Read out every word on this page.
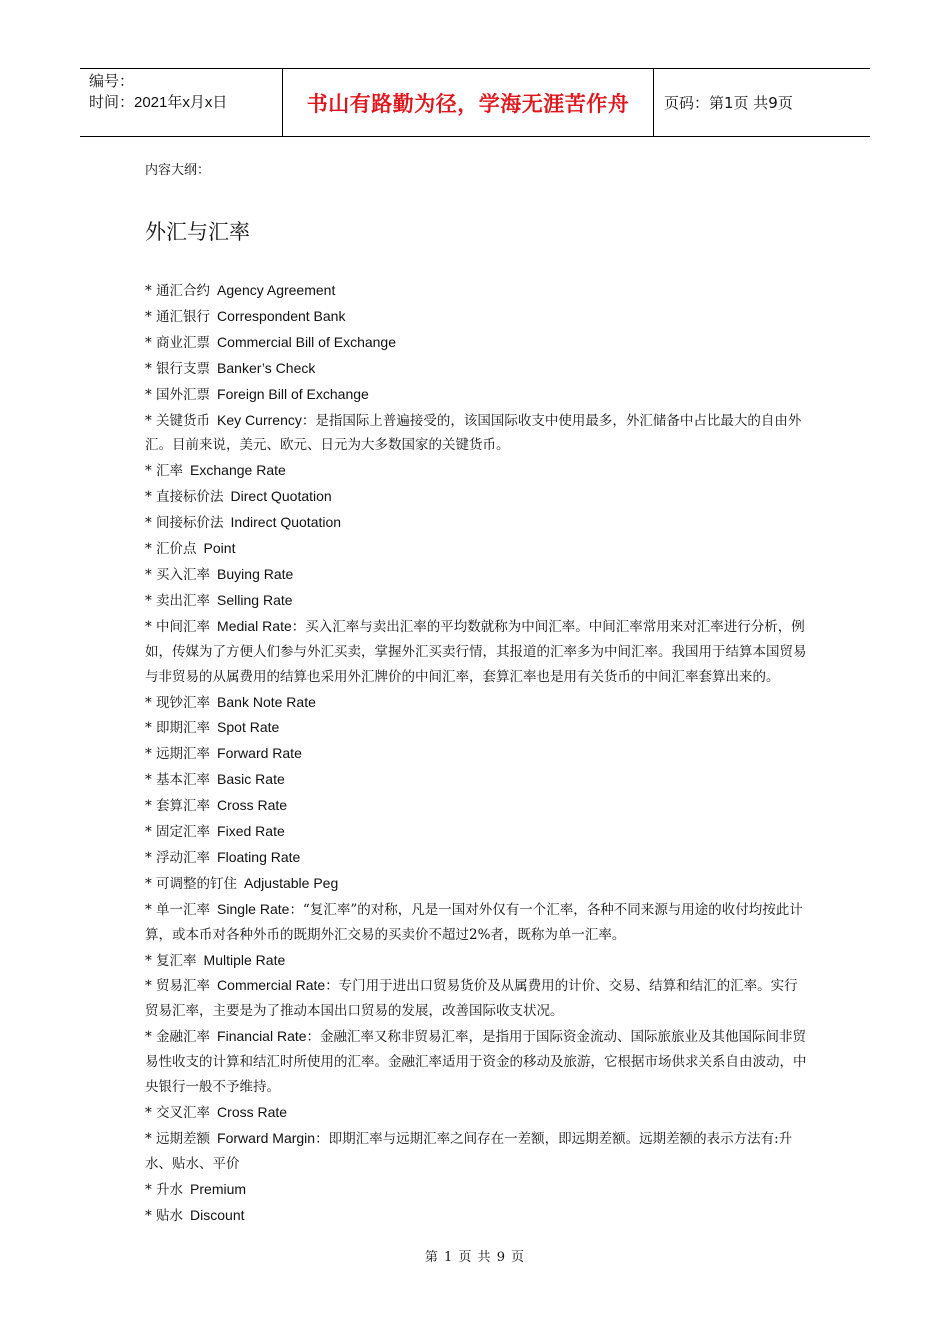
编号：
时间：2021年x月x日	书山有路勤为径，学海无涯苦作舟 页码：第1页 共9页
内容大纲：
外汇与汇率
* 通汇合约 Agency Agreement
* 通汇银行 Correspondent Bank
* 商业汇票 Commercial Bill of Exchange
* 银行支票 Banker’s Check
* 国外汇票 Foreign Bill of Exchange
* 关键货币 Key Currency：是指国际上普遍接受的，该国国际收支中使用最多，外汇储备中占比最大的自由外汇。目前来说，美元、欧元、日元为大多数国家的关键货币。
* 汇率 Exchange Rate
* 直接标价法 Direct Quotation
* 间接标价法 Indirect Quotation
* 汇价点 Point
* 买入汇率 Buying Rate
* 卖出汇率 Selling Rate
* 中间汇率 Medial Rate：买入汇率与卖出汇率的平均数就称为中间汇率。中间汇率常用来对汇率进行分析，例如，传媒为了方便人们参与外汇买卖，掌握外汇买卖行情，其报道的汇率多为中间汇率。我国用于结算本国贸易与非贸易的从属费用的结算也采用外汇牌价的中间汇率，套算汇率也是用有关货币的中间汇率套算出来的。
* 现钞汇率 Bank Note Rate
* 即期汇率 Spot Rate
* 远期汇率 Forward Rate
* 基本汇率 Basic Rate
* 套算汇率 Cross Rate
* 固定汇率 Fixed Rate
* 浮动汇率 Floating Rate
* 可调整的钉住 Adjustable Peg
* 单一汇率 Single Rate：“复汇率”的对称，凡是一国对外仅有一个汇率，各种不同来源与用途的收付均按此计算，或本币对各种外币的既期外汇交易的买卖价不超过2%者，既称为单一汇率。
* 复汇率 Multiple Rate
* 贸易汇率 Commercial Rate：专门用于进出口贸易货价及从属费用的计价、交易、结算和结汇的汇率。实行贸易汇率，主要是为了推动本国出口贸易的发展，改善国际收支状况。
* 金融汇率 Financial Rate：金融汇率又称非贸易汇率，是指用于国际资金流动、国际旅旅业及其他国际间非贸易性收支的计算和结汇时所使用的汇率。金融汇率适用于资金的移动及旅游，它根据市场供求关系自由波动，中央银行一般不予维持。
* 交叉汇率 Cross Rate
* 远期差额 Forward Margin：即期汇率与远期汇率之间存在一差额，即远期差额。远期差额的表示方法有:升水、贴水、平价
* 升水 Premium
* 贴水 Discount
第 1 页 共 9 页
